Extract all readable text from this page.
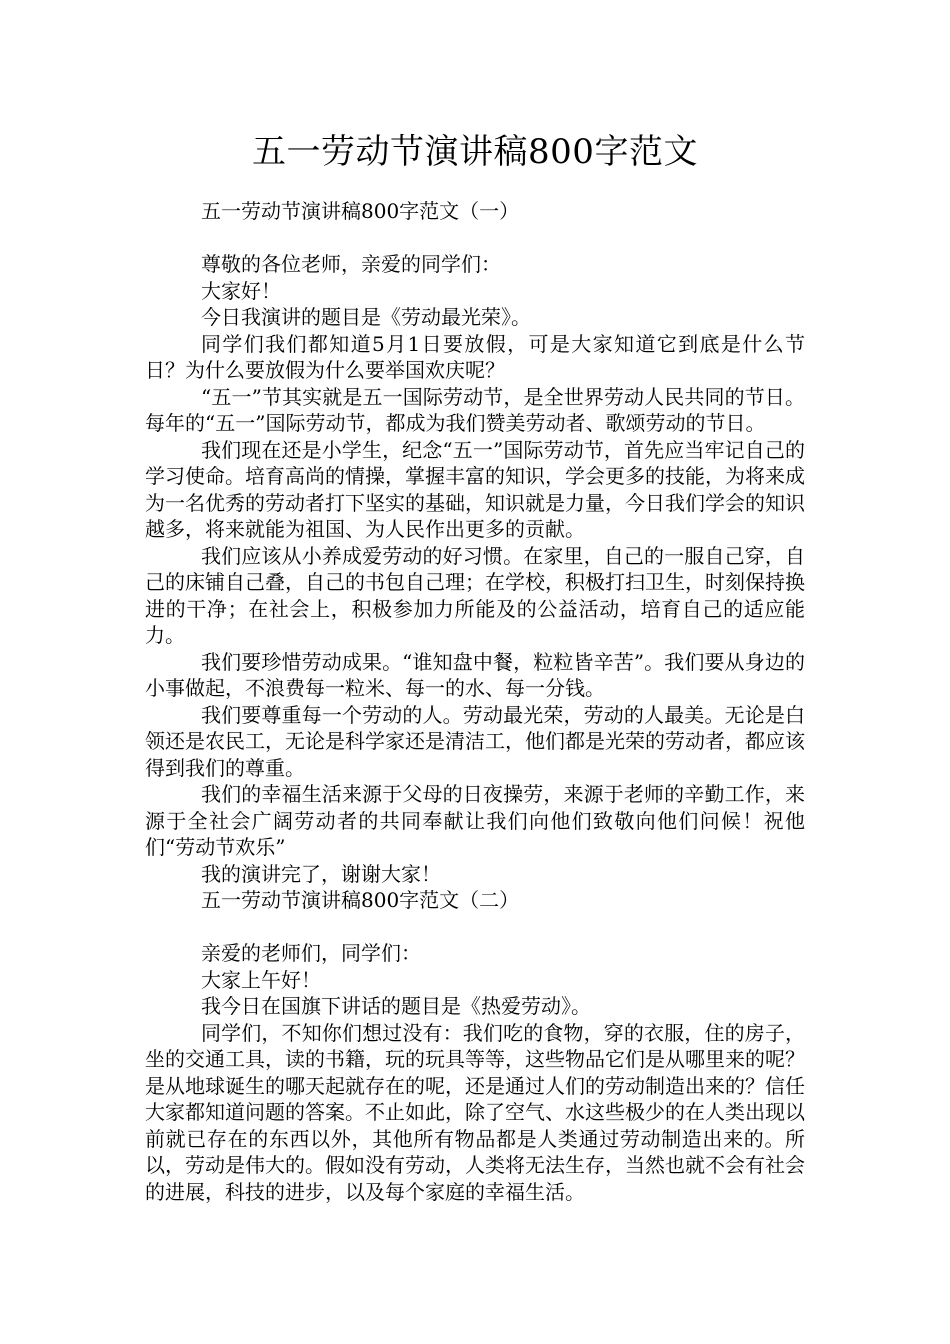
五一劳动节演讲稿800字范文

五一劳动节演讲稿800字范文（一）

尊敬的各位老师，亲爱的同学们：

大家好！

今日我演讲的题目是《劳动最光荣》。

同学们我们都知道5月1日要放假，可是大家知道它到底是什么节日？为什么要放假为什么要举国欢庆呢？

“五一”节其实就是五一国际劳动节，是全世界劳动人民共同的节日。每年的“五一”国际劳动节，都成为我们赞美劳动者、歌颂劳动的节日。

我们现在还是小学生，纪念“五一”国际劳动节，首先应当牢记自己的学习使命。培育高尚的情操，掌握丰富的知识，学会更多的技能，为将来成为一名优秀的劳动者打下坚实的基础，知识就是力量，今日我们学会的知识越多，将来就能为祖国、为人民作出更多的贡献。

我们应该从小养成爱劳动的好习惯。在家里，自己的一服自己穿，自己的床铺自己叠，自己的书包自己理；在学校，积极打扫卫生，时刻保持换进的干净；在社会上，积极参加力所能及的公益活动，培育自己的适应能力。

我们要珍惜劳动成果。“谁知盘中餐，粒粒皆辛苦”。我们要从身边的小事做起，不浪费每一粒米、每一的水、每一分钱。

我们要尊重每一个劳动的人。劳动最光荣，劳动的人最美。无论是白领还是农民工，无论是科学家还是清洁工，他们都是光荣的劳动者，都应该得到我们的尊重。

我们的幸福生活来源于父母的日夜操劳，来源于老师的辛勤工作，来源于全社会广阔劳动者的共同奉献让我们向他们致敬向他们问候！祝他们“劳动节欢乐”

我的演讲完了，谢谢大家！

五一劳动节演讲稿800字范文（二）

亲爱的老师们，同学们：

大家上午好！

我今日在国旗下讲话的题目是《热爱劳动》。

同学们，不知你们想过没有：我们吃的食物，穿的衣服，住的房子，坐的交通工具，读的书籍，玩的玩具等等，这些物品它们是从哪里来的呢？是从地球诞生的哪天起就存在的呢，还是通过人们的劳动制造出来的？信任大家都知道问题的答案。不止如此，除了空气、水这些极少的在人类出现以前就已存在的东西以外，其他所有物品都是人类通过劳动制造出来的。所以，劳动是伟大的。假如没有劳动，人类将无法生存，当然也就不会有社会的进展，科技的进步，以及每个家庭的幸福生活。
